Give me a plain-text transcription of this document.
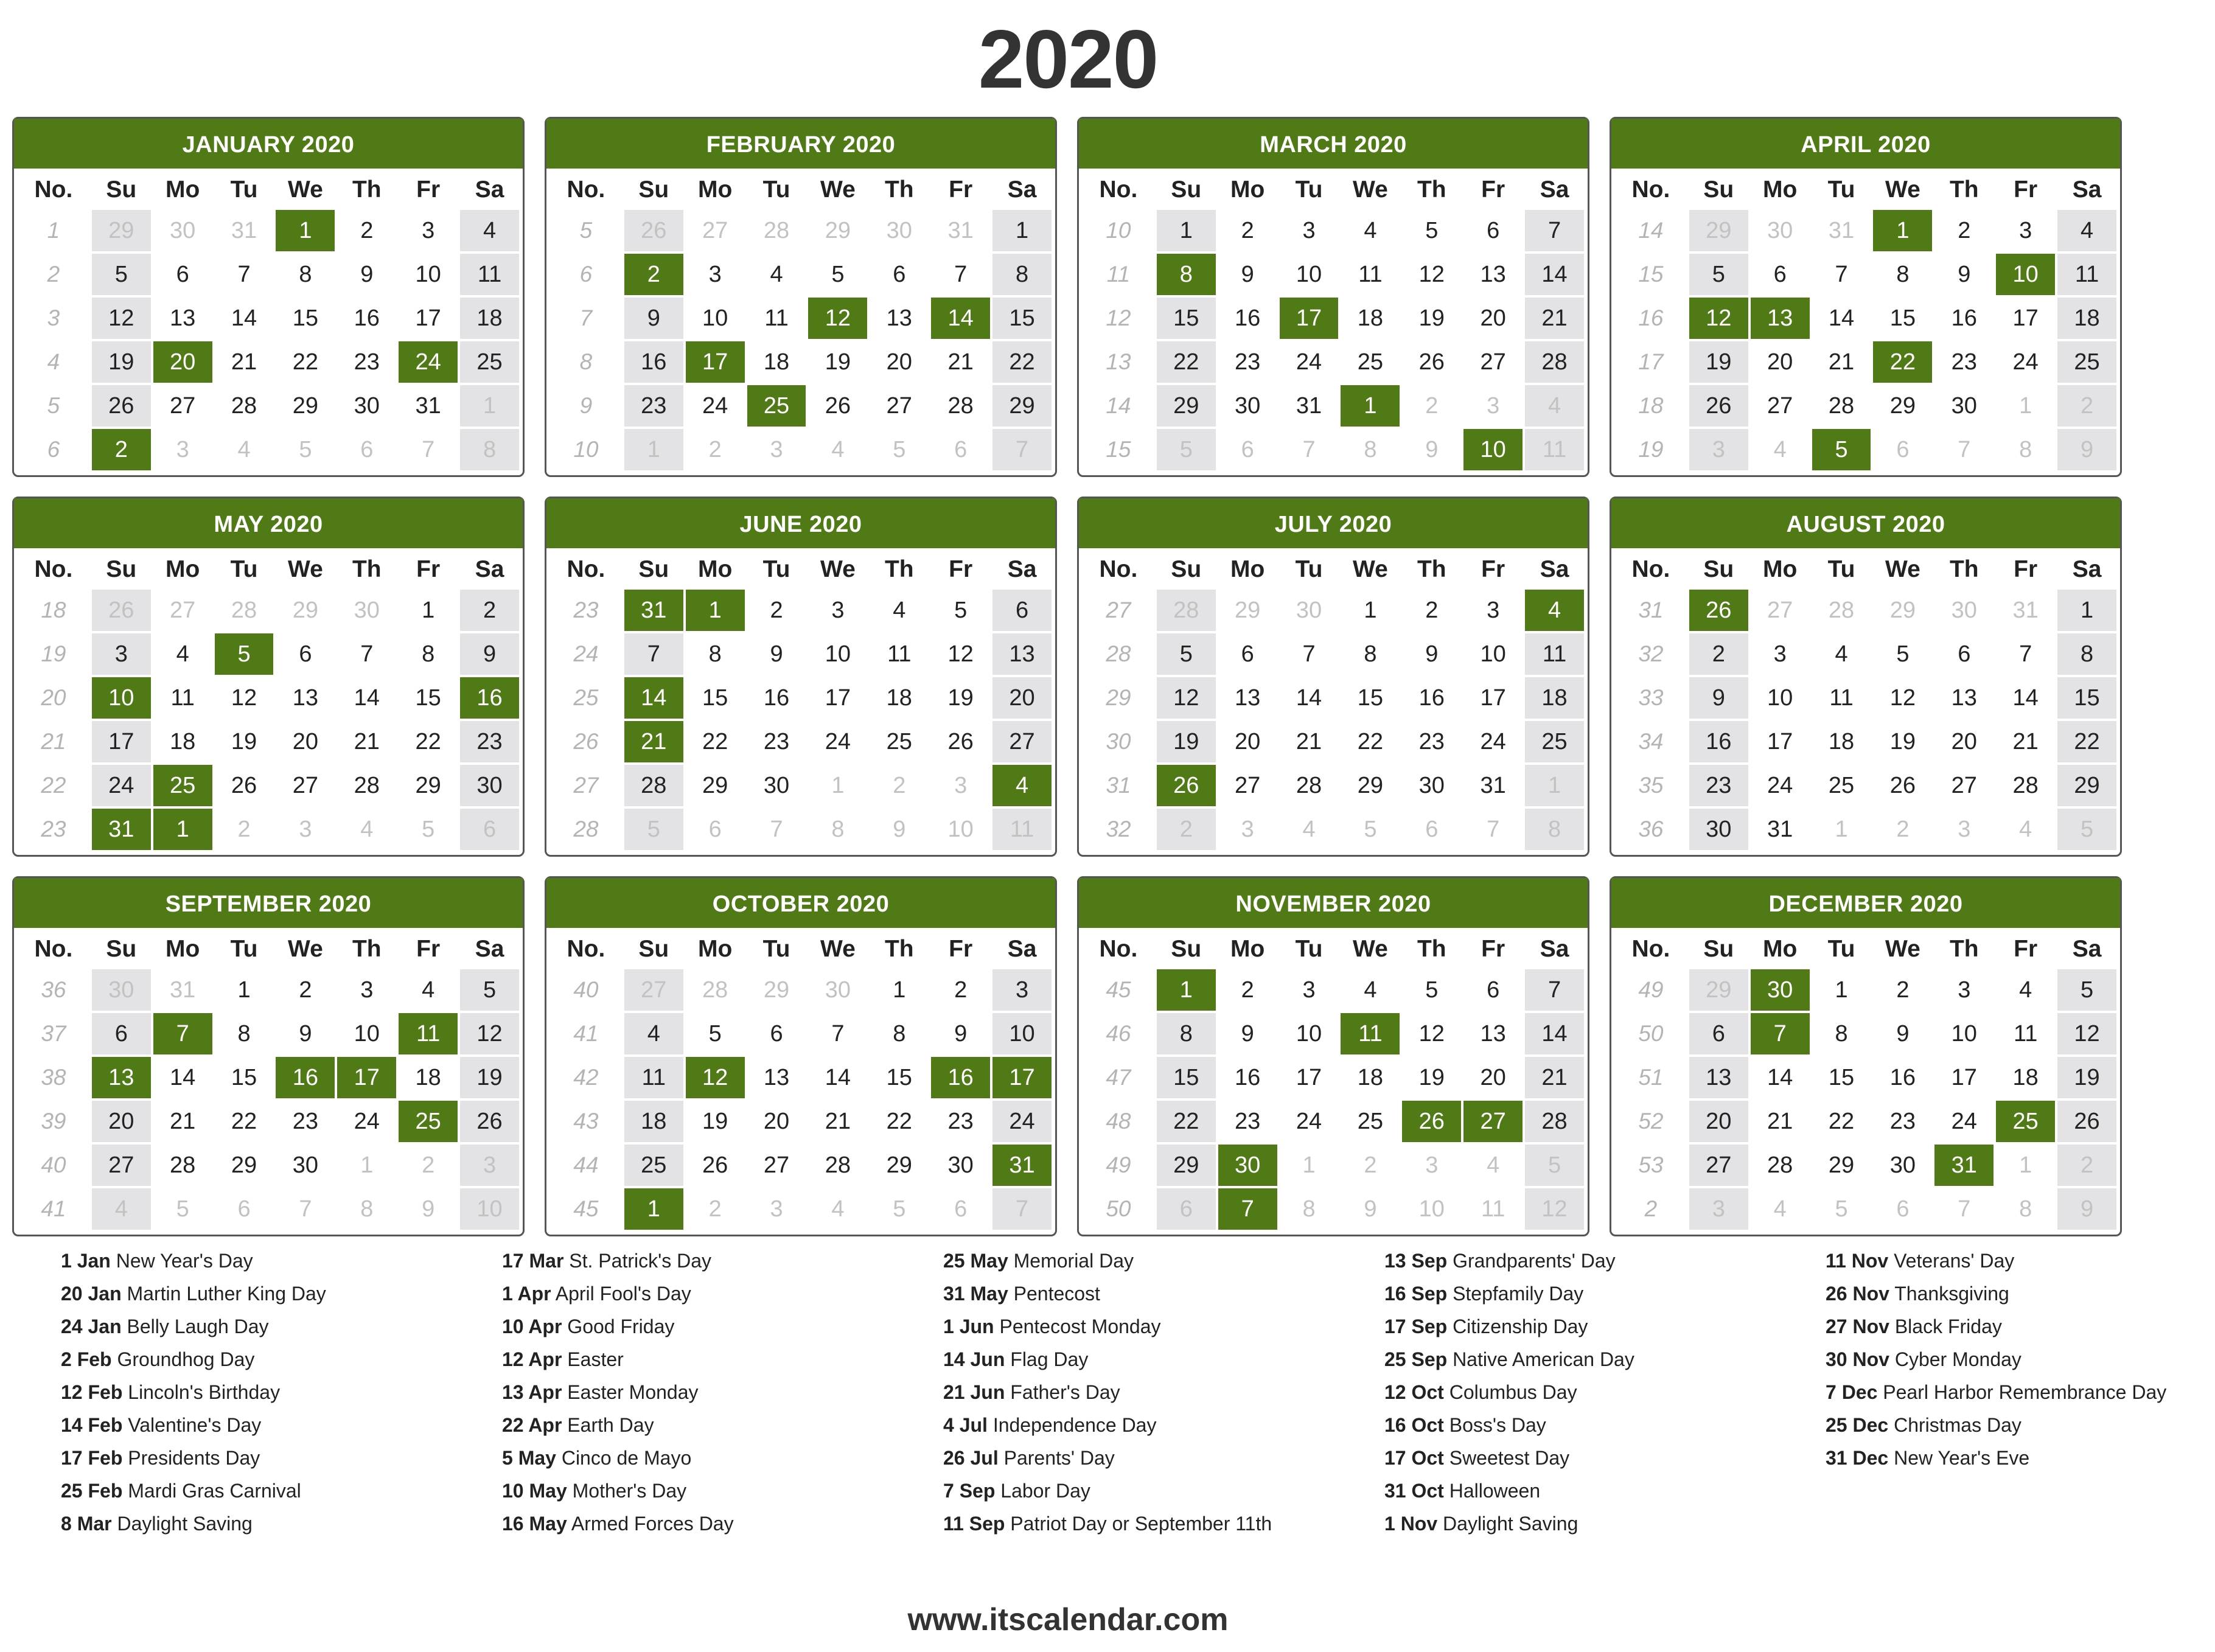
2020
JANUARY 2020
No.	Su	Mo	Tu	We	Th	Fr	Sa
1	29	30	31	1	2	3	4
2	5	6	7	8	9	10	11
3	12	13	14	15	16	17	18
4	19	20	21	22	23	24	25
5	26	27	28	29	30	31	1
6	2	3	4	5	6	7	8
FEBRUARY 2020
No.	Su	Mo	Tu	We	Th	Fr	Sa
5	26	27	28	29	30	31	1
6	2	3	4	5	6	7	8
7	9	10	11	12	13	14	15
8	16	17	18	19	20	21	22
9	23	24	25	26	27	28	29
10	1	2	3	4	5	6	7
MARCH 2020
No.	Su	Mo	Tu	We	Th	Fr	Sa
10	1	2	3	4	5	6	7
11	8	9	10	11	12	13	14
12	15	16	17	18	19	20	21
13	22	23	24	25	26	27	28
14	29	30	31	1	2	3	4
15	5	6	7	8	9	10	11
APRIL 2020
No.	Su	Mo	Tu	We	Th	Fr	Sa
14	29	30	31	1	2	3	4
15	5	6	7	8	9	10	11
16	12	13	14	15	16	17	18
17	19	20	21	22	23	24	25
18	26	27	28	29	30	1	2
19	3	4	5	6	7	8	9
MAY 2020
No.	Su	Mo	Tu	We	Th	Fr	Sa
18	26	27	28	29	30	1	2
19	3	4	5	6	7	8	9
20	10	11	12	13	14	15	16
21	17	18	19	20	21	22	23
22	24	25	26	27	28	29	30
23	31	1	2	3	4	5	6
JUNE 2020
No.	Su	Mo	Tu	We	Th	Fr	Sa
23	31	1	2	3	4	5	6
24	7	8	9	10	11	12	13
25	14	15	16	17	18	19	20
26	21	22	23	24	25	26	27
27	28	29	30	1	2	3	4
28	5	6	7	8	9	10	11
JULY 2020
No.	Su	Mo	Tu	We	Th	Fr	Sa
27	28	29	30	1	2	3	4
28	5	6	7	8	9	10	11
29	12	13	14	15	16	17	18
30	19	20	21	22	23	24	25
31	26	27	28	29	30	31	1
32	2	3	4	5	6	7	8
AUGUST 2020
No.	Su	Mo	Tu	We	Th	Fr	Sa
31	26	27	28	29	30	31	1
32	2	3	4	5	6	7	8
33	9	10	11	12	13	14	15
34	16	17	18	19	20	21	22
35	23	24	25	26	27	28	29
36	30	31	1	2	3	4	5
SEPTEMBER 2020
No.	Su	Mo	Tu	We	Th	Fr	Sa
36	30	31	1	2	3	4	5
37	6	7	8	9	10	11	12
38	13	14	15	16	17	18	19
39	20	21	22	23	24	25	26
40	27	28	29	30	1	2	3
41	4	5	6	7	8	9	10
OCTOBER 2020
No.	Su	Mo	Tu	We	Th	Fr	Sa
40	27	28	29	30	1	2	3
41	4	5	6	7	8	9	10
42	11	12	13	14	15	16	17
43	18	19	20	21	22	23	24
44	25	26	27	28	29	30	31
45	1	2	3	4	5	6	7
NOVEMBER 2020
No.	Su	Mo	Tu	We	Th	Fr	Sa
45	1	2	3	4	5	6	7
46	8	9	10	11	12	13	14
47	15	16	17	18	19	20	21
48	22	23	24	25	26	27	28
49	29	30	1	2	3	4	5
50	6	7	8	9	10	11	12
DECEMBER 2020
No.	Su	Mo	Tu	We	Th	Fr	Sa
49	29	30	1	2	3	4	5
50	6	7	8	9	10	11	12
51	13	14	15	16	17	18	19
52	20	21	22	23	24	25	26
53	27	28	29	30	31	1	2
2	3	4	5	6	7	8	9
1 Jan New Year's Day
20 Jan Martin Luther King Day
24 Jan Belly Laugh Day
2 Feb Groundhog Day
12 Feb Lincoln's Birthday
14 Feb Valentine's Day
17 Feb Presidents Day
25 Feb Mardi Gras Carnival
8 Mar Daylight Saving
17 Mar St. Patrick's Day
1 Apr April Fool's Day
10 Apr Good Friday
12 Apr Easter
13 Apr Easter Monday
22 Apr Earth Day
5 May Cinco de Mayo
10 May Mother's Day
16 May Armed Forces Day
25 May Memorial Day
31 May Pentecost
1 Jun Pentecost Monday
14 Jun Flag Day
21 Jun Father's Day
4 Jul Independence Day
26 Jul Parents' Day
7 Sep Labor Day
11 Sep Patriot Day or September 11th
13 Sep Grandparents' Day
16 Sep Stepfamily Day
17 Sep Citizenship Day
25 Sep Native American Day
12 Oct Columbus Day
16 Oct Boss's Day
17 Oct Sweetest Day
31 Oct Halloween
1 Nov Daylight Saving
11 Nov Veterans' Day
26 Nov Thanksgiving
27 Nov Black Friday
30 Nov Cyber Monday
7 Dec Pearl Harbor Remembrance Day
25 Dec Christmas Day
31 Dec New Year's Eve
www.itscalendar.com
